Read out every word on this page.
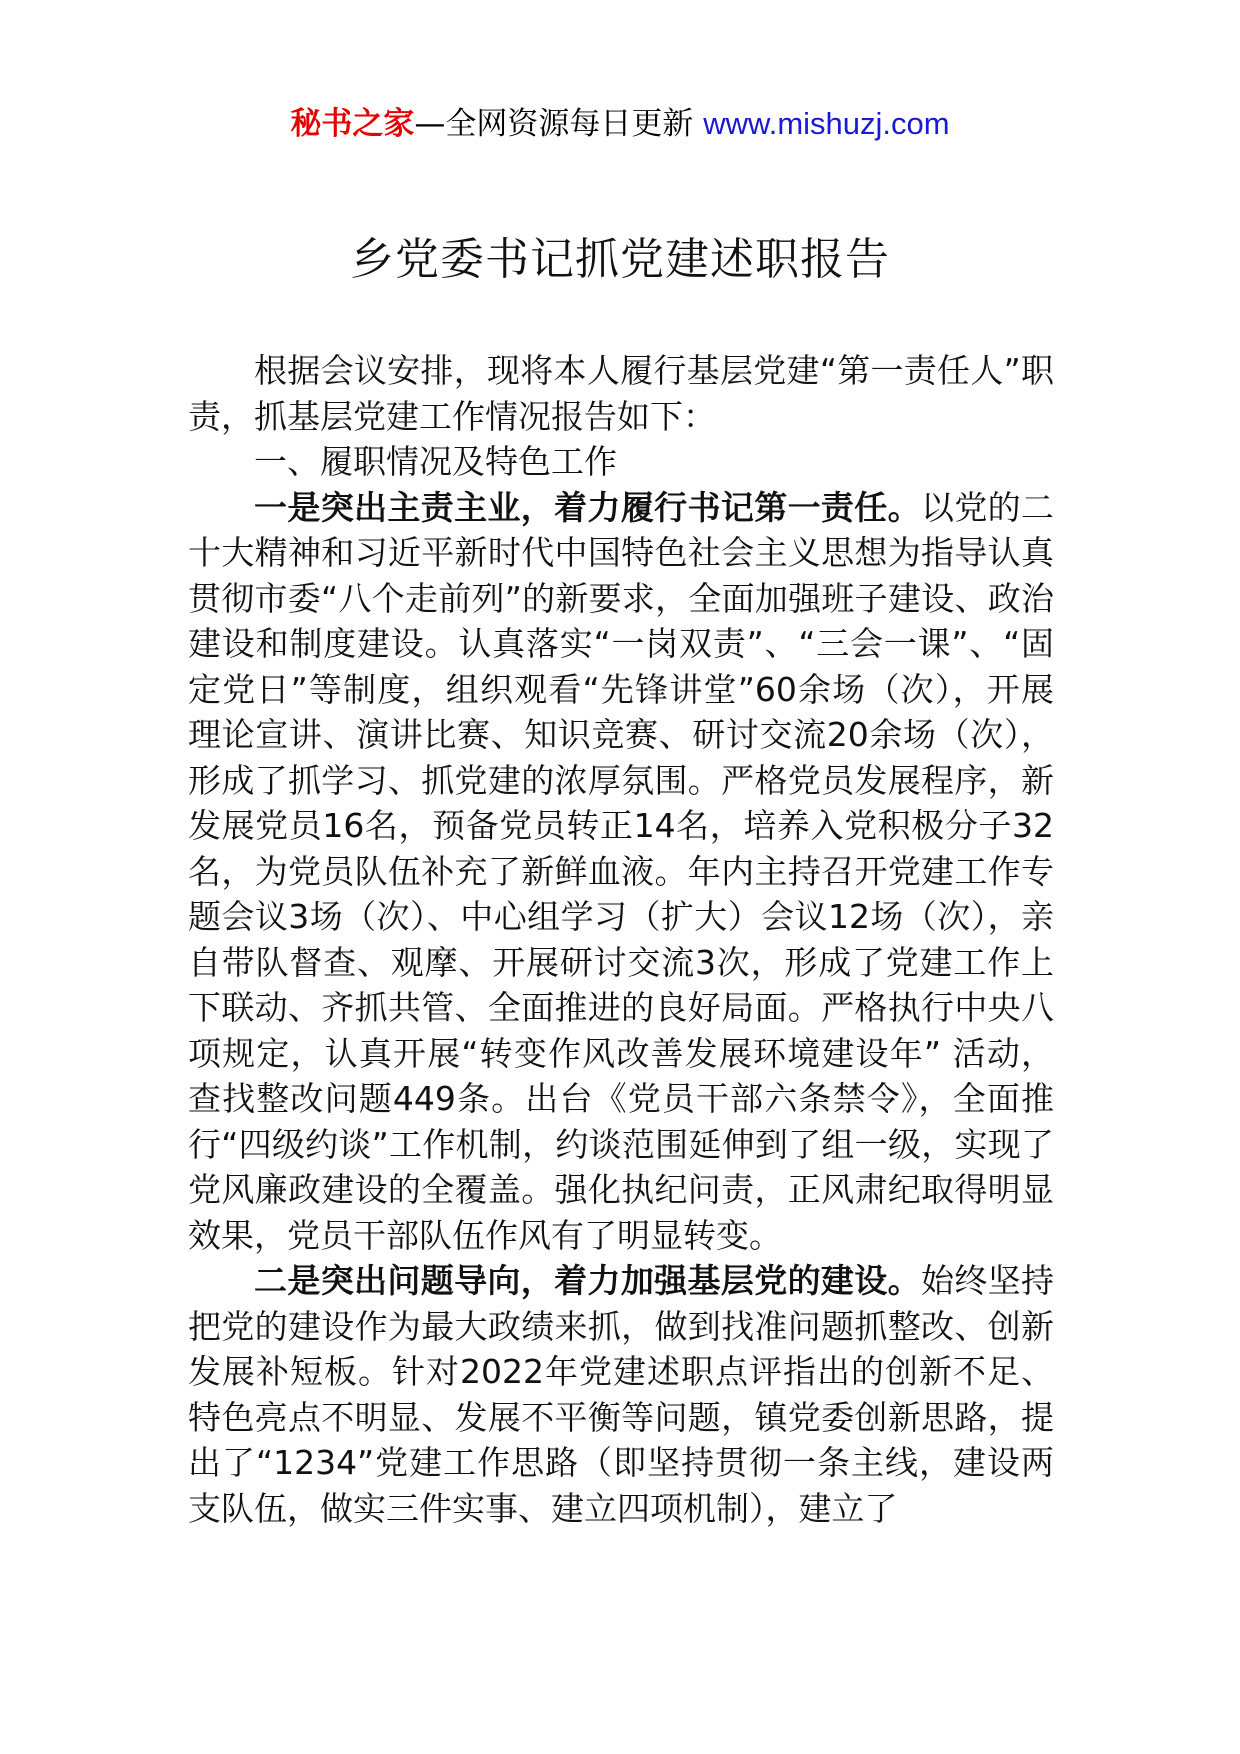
秘书之家—全网资源每日更新 www.mishuzj.com
乡党委书记抓党建述职报告

根据会议安排，现将本人履行基层党建“第一责任人”职责，抓基层党建工作情况报告如下：

一、履职情况及特色工作

一是突出主责主业，着力履行书记第一责任。以党的二十大精神和习近平新时代中国特色社会主义思想为指导认真贯彻市委“八个走前列”的新要求，全面加强班子建设、政治建设和制度建设。认真落实“一岗双责”、“三会一课”、“固定党日”等制度，组织观看“先锋讲堂”60余场（次），开展理论宣讲、演讲比赛、知识竞赛、研讨交流20余场（次），形成了抓学习、抓党建的浓厚氛围。严格党员发展程序，新发展党员16名，预备党员转正14名，培养入党积极分子32名，为党员队伍补充了新鲜血液。年内主持召开党建工作专题会议3场（次）、中心组学习（扩大）会议12场（次），亲自带队督查、观摩、开展研讨交流3次，形成了党建工作上下联动、齐抓共管、全面推进的良好局面。严格执行中央八项规定，认真开展“转变作风改善发展环境建设年” 活动，查找整改问题449条。出台《党员干部六条禁令》，全面推行“四级约谈”工作机制，约谈范围延伸到了组一级，实现了党风廉政建设的全覆盖。强化执纪问责，正风肃纪取得明显效果，党员干部队伍作风有了明显转变。

二是突出问题导向，着力加强基层党的建设。始终坚持把党的建设作为最大政绩来抓，做到找准问题抓整改、创新发展补短板。针对2022年党建述职点评指出的创新不足、特色亮点不明显、发展不平衡等问题，镇党委创新思路，提出了“1234”党建工作思路（即坚持贯彻一条主线，建设两支队伍，做实三件实事、建立四项机制），建立了
